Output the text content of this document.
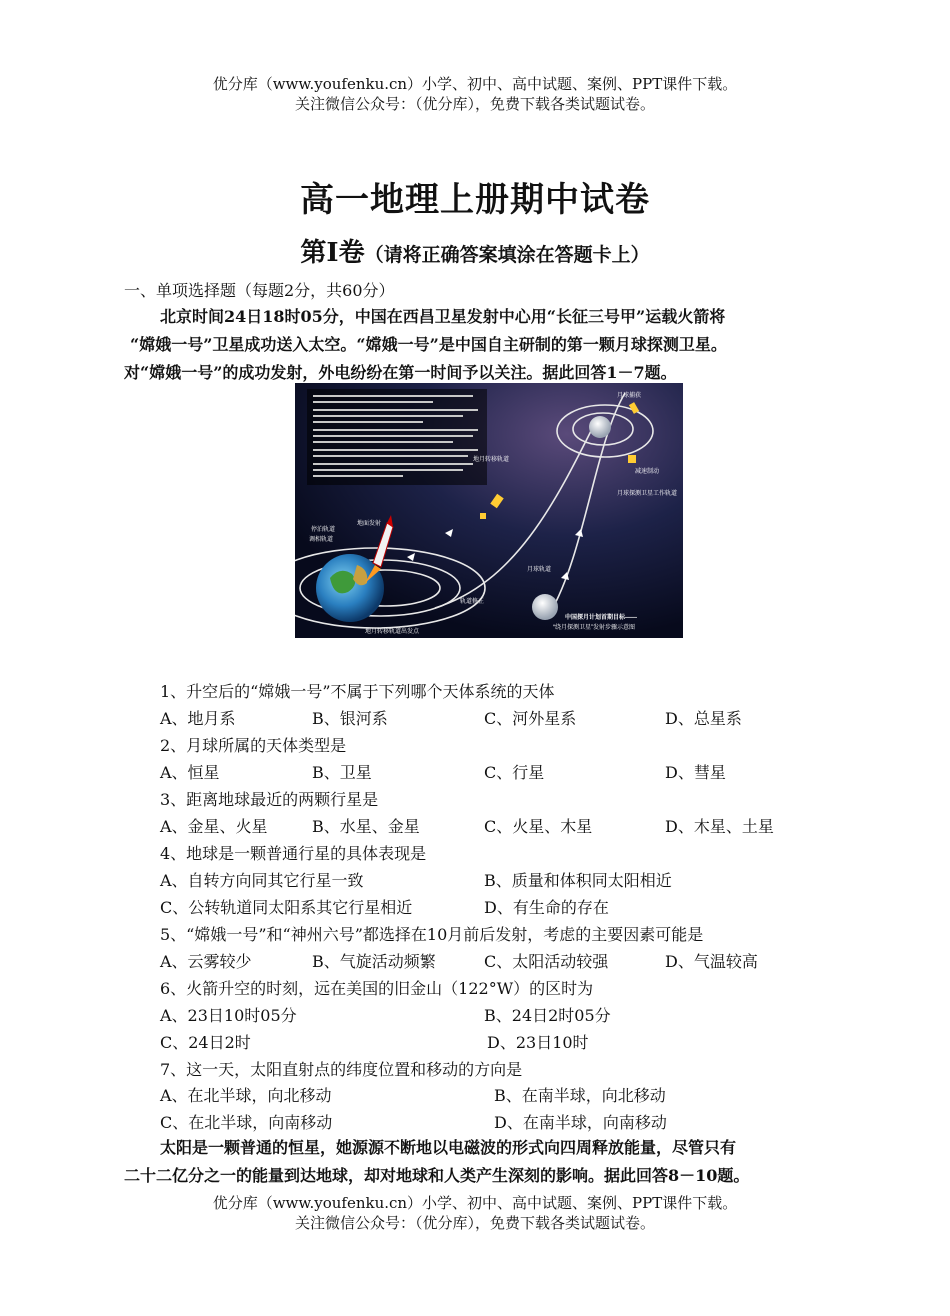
优分库（www.youfenku.cn）小学、初中、高中试题、案例、PPT课件下载。
关注微信公众号：（优分库），免费下载各类试题试卷。
高一地理上册期中试卷
第Ⅰ卷（请将正确答案填涂在答题卡上）
一、单项选择题（每题2分，共60分）
北京时间24日18时05分，中国在西昌卫星发射中心用“长征三号甲”运载火箭将
“嫦娥一号”卫星成功送入太空。“嫦娥一号”是中国自主研制的第一颗月球探测卫星。
对“嫦娥一号”的成功发射，外电纷纷在第一时间予以关注。据此回答1－7题。
地月转移轨道
月球捕获
减速制动
月球探测卫星工作轨道
月球轨道
调相轨道
轨道修正
地月转移轨道出发点
停泊轨道
地面发射
中国探月计划首期目标——
“绕月探测卫星”发射步骤示意图
1、升空后的“嫦娥一号”不属于下列哪个天体系统的天体
A、地月系	B、银河系	C、河外星系	D、总星系
2、月球所属的天体类型是
A、恒星	B、卫星	C、行星	D、彗星
3、距离地球最近的两颗行星是
A、金星、火星	B、水星、金星	C、火星、木星	D、木星、土星
4、地球是一颗普通行星的具体表现是
A、自转方向同其它行星一致	B、质量和体积同太阳相近
C、公转轨道同太阳系其它行星相近	D、有生命的存在
5、“嫦娥一号”和“神州六号”都选择在10月前后发射，考虑的主要因素可能是
A、云雾较少	B、气旋活动频繁	C、太阳活动较强	D、气温较高
6、火箭升空的时刻，远在美国的旧金山（122°W）的区时为
A、23日10时05分	B、24日2时05分
C、24日2时	D、23日10时
7、这一天，太阳直射点的纬度位置和移动的方向是
A、在北半球，向北移动	B、在南半球，向北移动
C、在北半球，向南移动	D、在南半球，向南移动
太阳是一颗普通的恒星，她源源不断地以电磁波的形式向四周释放能量，尽管只有
二十二亿分之一的能量到达地球，却对地球和人类产生深刻的影响。据此回答8－10题。
优分库（www.youfenku.cn）小学、初中、高中试题、案例、PPT课件下载。
关注微信公众号：（优分库），免费下载各类试题试卷。
